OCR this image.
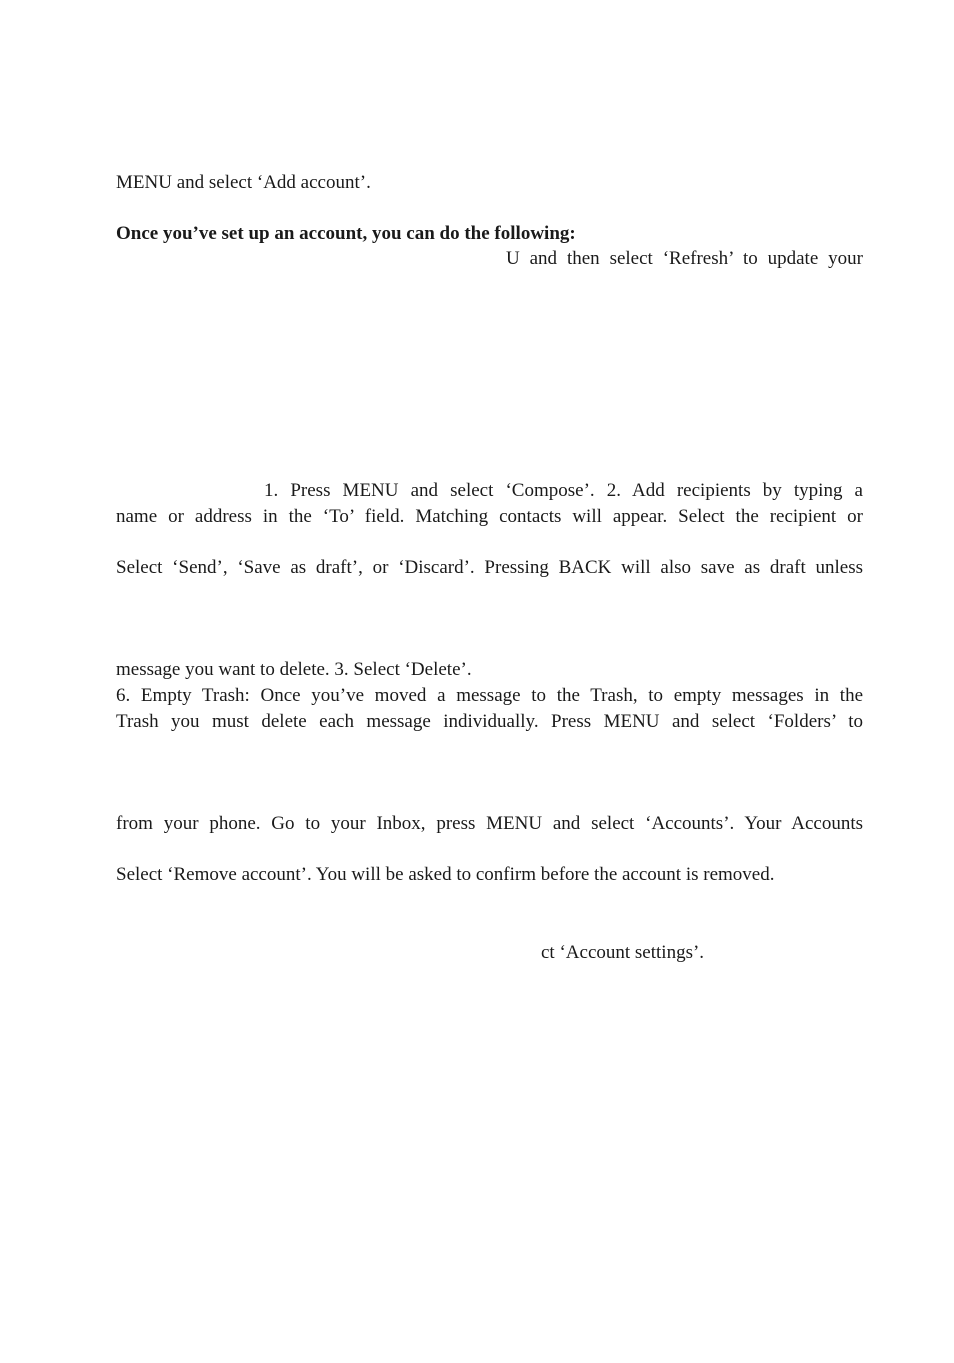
MENU and select ‘Add account’.
Once you’ve set up an account, you can do the following:
U and then select ‘Refresh’ to update your
1. Press MENU and select ‘Compose’. 2. Add recipients by typing a
name or address in the ‘To’ field. Matching contacts will appear. Select the recipient or
Select ‘Send’, ‘Save as draft’, or ‘Discard’. Pressing BACK will also save as draft unless
message you want to delete. 3. Select ‘Delete’.
6. Empty Trash: Once you’ve moved a message to the Trash, to empty messages in the
Trash you must delete each message individually. Press MENU and select ‘Folders’ to
from your phone. Go to your Inbox, press MENU and select ‘Accounts’. Your Accounts
Select ‘Remove account’. You will be asked to confirm before the account is removed.
ct ‘Account settings’.
